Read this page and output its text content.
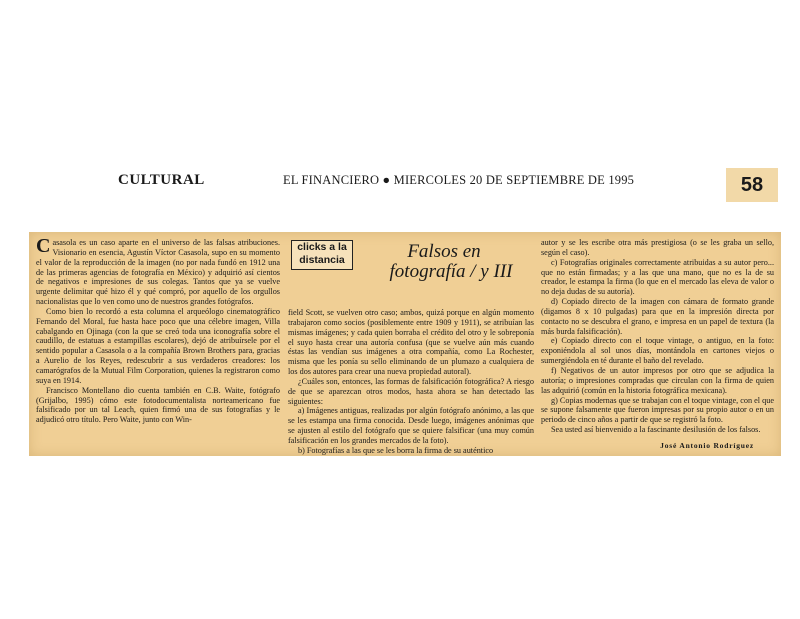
CULTURAL	EL FINANCIERO ● MIERCOLES 20 DE SEPTIEMBRE DE 1995	58

Casasola es un caso aparte en el universo de las falsas atribuciones. Visionario en esencia, Agustín Víctor Casasola, supo en su momento el valor de la reproducción de la imagen (no por nada fundó en 1912 una de las primeras agencias de fotografía en México) y adquirió así cientos de negativos e impresiones de sus colegas. Tantos que ya se vuelve urgente delimitar qué hizo él y qué compró, por aquello de los orgullos nacionalistas que lo ven como uno de nuestros grandes fotógrafos.

Como bien lo recordó a esta columna el arqueólogo cinematográfico Fernando del Moral, fue hasta hace poco que una célebre imagen, Villa cabalgando en Ojinaga (con la que se creó toda una iconografía sobre el caudillo, de estatuas a estampillas escolares), dejó de atribuírsele por el sentido popular a Casasola o a la compañía Brown Brothers para, gracias a Aurelio de los Reyes, redescubrir a sus verdaderos creadores: los camarógrafos de la Mutual Film Corporation, quienes la registraron como suya en 1914.

Francisco Montellano dio cuenta también en C.B. Waite, fotógrafo (Grijalbo, 1995) cómo este fotodocumentalista norteamericano fue falsificado por un tal Leach, quien firmó una de sus fotografías y le adjudicó otro título. Pero Waite, junto con Win-

clicks a la distancia	Falsos en

fotografía / y III

field Scott, se vuelven otro caso; ambos, quizá porque en algún momento trabajaron como socios (posiblemente entre 1909 y 1911), se atribuían las mismas imágenes; y cada quien borraba el crédito del otro y le sobreponía el suyo hasta crear una autoría confusa (que se vuelve aún más cuando éstas las vendían sus imágenes a otra compañía, como La Rochester, misma que les ponía su sello eliminando de un plumazo a cualquiera de los dos autores para crear una nueva propiedad autoral).

¿Cuáles son, entonces, las formas de falsificación fotográfica? A riesgo de que se aparezcan otros modos, hasta ahora se han detectado las siguientes:

a) Imágenes antiguas, realizadas por algún fotógrafo anónimo, a las que se les estampa una firma conocida. Desde luego, imágenes anónimas que se ajusten al estilo del fotógrafo que se quiere falsificar (una muy común falsificación en los grandes mercados de la foto).

b) Fotografías a las que se les borra la firma de su auténtico

autor y se les escribe otra más prestigiosa (o se les graba un sello, según el caso).

c) Fotografías originales correctamente atribuidas a su autor pero... que no están firmadas; y a las que una mano, que no es la de su creador, le estampa la firma (lo que en el mercado las eleva de valor o no deja dudas de su autoría).

d) Copiado directo de la imagen con cámara de formato grande (digamos 8 x 10 pulgadas) para que en la impresión directa por contacto no se descubra el grano, e impresa en un papel de textura (la más burda falsificación).

e) Copiado directo con el toque vintage, o antiguo, en la foto: exponiéndola al sol unos días, montándola en cartones viejos o sumergiéndola en té durante el baño del revelado.

f) Negativos de un autor impresos por otro que se adjudica la autoría; o impresiones compradas que circulan con la firma de quien las adquirió (común en la historia fotográfica mexicana).

g) Copias modernas que se trabajan con el toque vintage, con el que se supone falsamente que fueron impresas por su propio autor o en un periodo de cinco años a partir de que se registró la foto.

Sea usted así bienvenido a la fascinante desilusión de los falsos.

José Antonio Rodríguez
